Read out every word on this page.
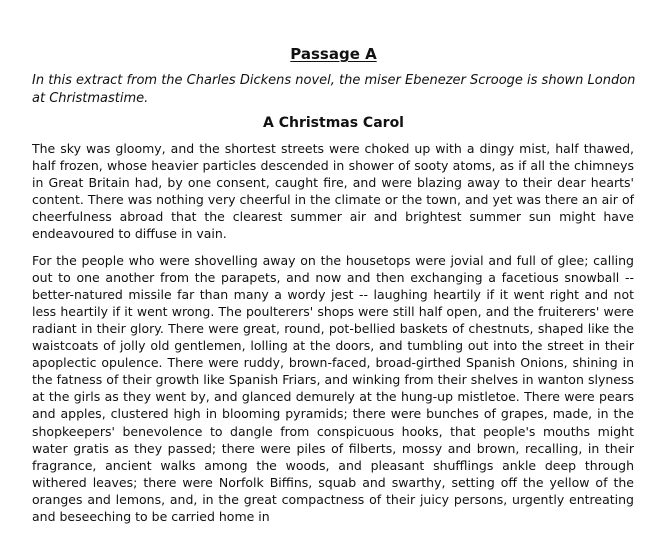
Passage A

In this extract from the Charles Dickens novel, the miser Ebenezer Scrooge is shown London at Christmastime.

A Christmas Carol

The sky was gloomy, and the shortest streets were choked up with a dingy mist, half thawed, half frozen, whose heavier particles descended in shower of sooty atoms, as if all the chimneys in Great Britain had, by one consent, caught fire, and were blazing away to their dear hearts' content. There was nothing very cheerful in the climate or the town, and yet was there an air of cheerfulness abroad that the clearest summer air and brightest summer sun might have endeavoured to diffuse in vain.

For the people who were shovelling away on the housetops were jovial and full of glee; calling out to one another from the parapets, and now and then exchanging a facetious snowball -- better-natured missile far than many a wordy jest -- laughing heartily if it went right and not less heartily if it went wrong. The poulterers' shops were still half open, and the fruiterers' were radiant in their glory. There were great, round, pot-bellied baskets of chestnuts, shaped like the waistcoats of jolly old gentlemen, lolling at the doors, and tumbling out into the street in their apoplectic opulence. There were ruddy, brown-faced, broad-girthed Spanish Onions, shining in the fatness of their growth like Spanish Friars, and winking from their shelves in wanton slyness at the girls as they went by, and glanced demurely at the hung-up mistletoe. There were pears and apples, clustered high in blooming pyramids; there were bunches of grapes, made, in the shopkeepers' benevolence to dangle from conspicuous hooks, that people's mouths might water gratis as they passed; there were piles of filberts, mossy and brown, recalling, in their fragrance, ancient walks among the woods, and pleasant shufflings ankle deep through withered leaves; there were Norfolk Biffins, squab and swarthy, setting off the yellow of the oranges and lemons, and, in the great compactness of their juicy persons, urgently entreating and beseeching to be carried home in
